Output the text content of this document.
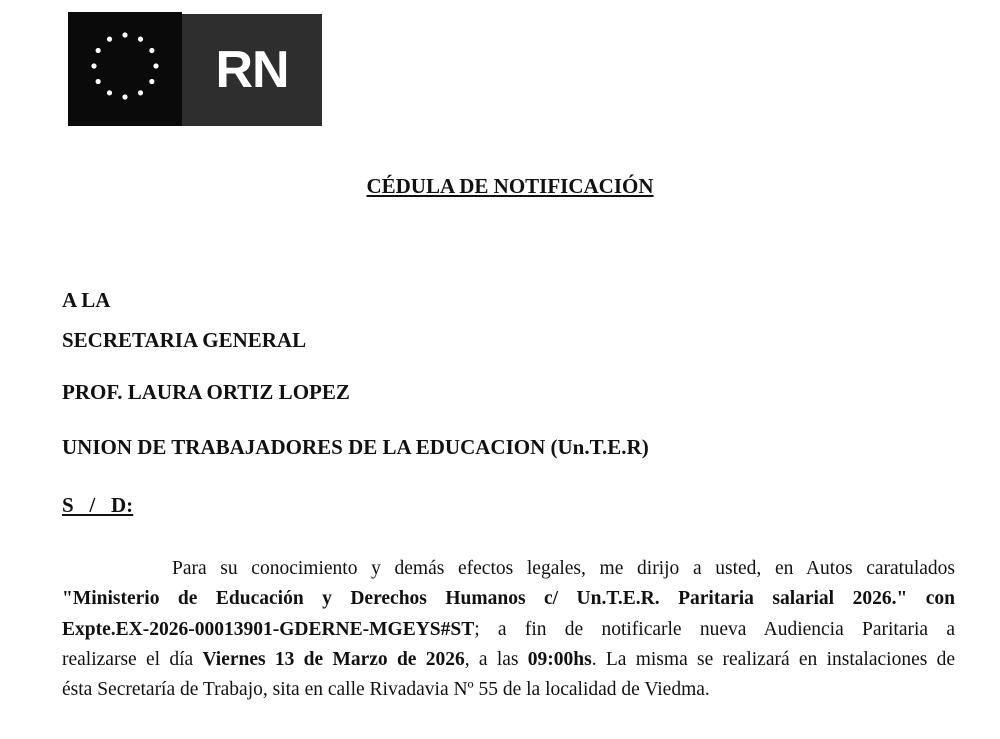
RN
CÉDULA DE NOTIFICACIÓN
A LA
SECRETARIA GENERAL
PROF. LAURA ORTIZ LOPEZ
UNION DE TRABAJADORES DE LA EDUCACION (Un.T.E.R)
S   /   D:
Para su conocimiento y demás efectos legales, me dirijo a usted, en Autos caratulados
"Ministerio de Educación y Derechos Humanos c/ Un.T.E.R. Paritaria salarial 2026." con
Expte.EX-2026-00013901-GDERNE-MGEYS#ST; a fin de notificarle nueva Audiencia Paritaria a
realizarse el día Viernes 13 de Marzo de 2026, a las 09:00hs. La misma se realizará en instalaciones de
ésta Secretaría de Trabajo, sita en calle Rivadavia Nº 55 de la localidad de Viedma.
